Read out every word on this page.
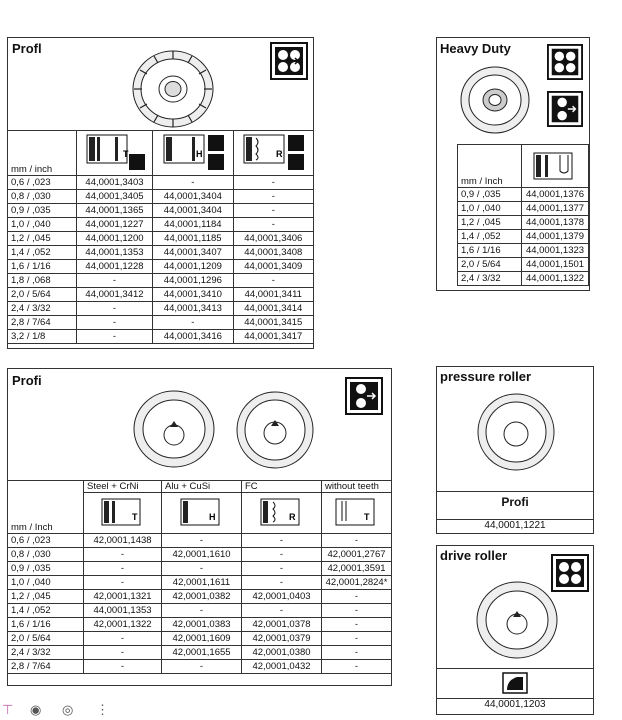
Profl
mm / inch	T	H	R

0,6 / ,023	44,0001,3403	-	-
0,8 / ,030	44,0001,3405	44,0001,3404	-
0,9 / ,035	44,0001,1365	44,0001,3404	-
1,0 / ,040	44,0001,1227	44,0001,1184	-
1,2 / ,045	44,0001,1200	44,0001,1185	44,0001,3406
1,4 / ,052	44,0001,1353	44,0001,3407	44,0001,3408
1,6 / 1/16	44,0001,1228	44,0001,1209	44,0001,3409
1,8 / ,068	-	44,0001,1296	-
2,0 / 5/64	44,0001,3412	44,0001,3410	44,0001,3411
2,4 / 3/32	-	44,0001,3413	44,0001,3414
2,8 / 7/64	-	-	44,0001,3415
3,2 / 1/8	-	44,0001,3416	44,0001,3417
Heavy Duty
mm / Inch	
0,9 / ,035	44,0001,1376
1,0 / ,040	44,0001,1377
1,2 / ,045	44,0001,1378
1,4 / ,052	44,0001,1379
1,6 / 1/16	44,0001,1323
2,0 / 5/64	44,0001,1501
2,4 / 3/32	44,0001,1322
Profi
mm / Inch	Steel + CrNi	Alu + CuSi	FC	without teeth

T	H	R	T

0,6 / ,023	42,0001,1438	-	-	-
0,8 / ,030	-	42,0001,1610	-	42,0001,2767
0,9 / ,035	-	-	-	42,0001,3591
1,0 / ,040	-	42,0001,1611	-	42,0001,2824*
1,2 / ,045	42,0001,1321	42,0001,0382	42,0001,0403	-
1,4 / ,052	44,0001,1353	-	-	-
1,6 / 1/16	42,0001,1322	42,0001,0383	42,0001,0378	-
2,0 / 5/64	-	42,0001,1609	42,0001,0379	-
2,4 / 3/32	-	42,0001,1655	42,0001,0380	-
2,8 / 7/64	-	-	42,0001,0432	-
pressure roller
Profi
44,0001,1221
drive roller
44,0001,1203
⊤ ◉ ◎ ⋮
